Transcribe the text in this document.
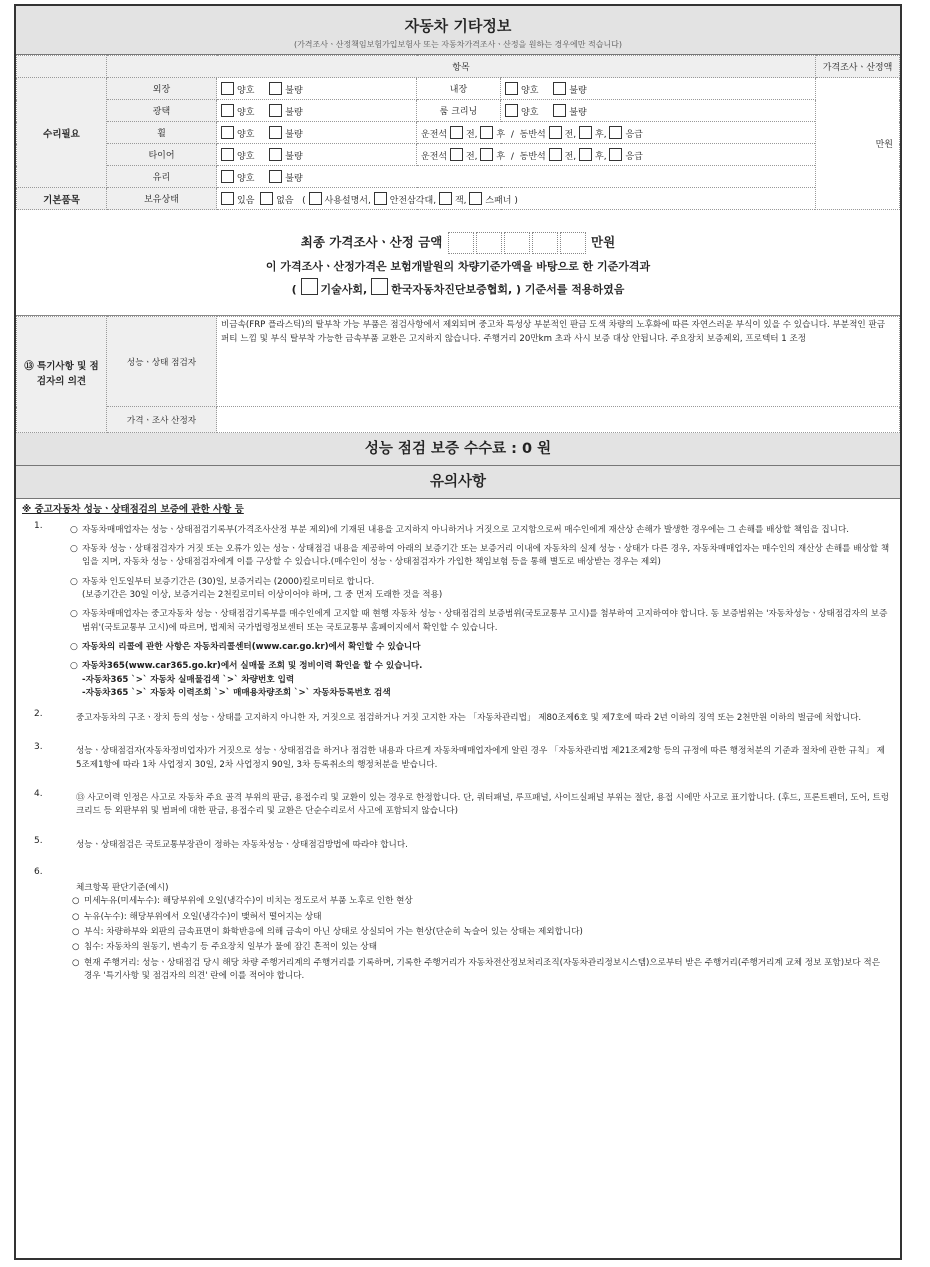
자동차 기타정보
(가격조사ㆍ산정책임보험가입보험사 또는 자동차가격조사ㆍ산정을 원하는 경우에만 적습니다)
	항목				가격조사ㆍ산정액
수리필요	외장	양호 불량	내장	양호 불량	만원
	광택	양호 불량	룸 크리닝	양호 불량	
	휠	양호 불량	운전석 전, 후 / 동반석 전, 후, 응급		
	타이어	양호 불량	운전석 전, 후 / 동반석 전, 후, 응급		
	유리	양호 불량			
기본품목	보유상태	있음 없음 ( 사용설명서, 안전삼각대, 잭, 스패너 )			
최종 가격조사ㆍ산정 금액	만원
이 가격조사ㆍ산정가격은 보험개발원의 차량기준가액을 바탕으로 한 기준가격과
( 기술사회, 한국자동차진단보증협회, ) 기준서를 적용하였음
⑬ 특기사항 및 점검자의 의견	성능ㆍ상태 점검자	비금속(FRP 플라스틱)의 탈부착 가능 부품은 점검사항에서 제외되며 중고차 특성상 부분적인 판금 도색 차량의 노후화에 따른 자연스러운 부식이 있을 수 있습니다. 부분적인 판금 퍼티 느낌 및 부식 탈부착 가능한 금속부품 교환은 고지하지 않습니다. 주행거리 20만km 초과 사시 보증 대상 안됩니다. 주요장치 보증제외, 프로텍터 1 조정
	가격ㆍ조사 산정자	
성능 점검 보증 수수료 : 0 원
유의사항
※ 중고자동차 성능ㆍ상태점검의 보증에 관한 사항 등
1.	○ 자동차매매업자는 성능ㆍ상태점검기록부(가격조사산정 부분 제외)에 기재된 내용을 고지하지 아니하거나 거짓으로 고지함으로써 매수인에게 재산상 손해가 발생한 경우에는 그 손해를 배상할 책임을 집니다.
○ 자동차 성능ㆍ상태점검자가 거짓 또는 오류가 있는 성능ㆍ상태점검 내용을 제공하여 아래의 보증기간 또는 보증거리 이내에 자동차의 실제 성능ㆍ상태가 다른 경우, 자동차매매업자는 매수인의 재산상 손해를 배상할 책임을 지며, 자동차 성능ㆍ상태점검자에게 이를 구상할 수 있습니다.(매수인이 성능ㆍ상태점검자가 가입한 책임보험 등을 통해 별도로 배상받는 경우는 제외)
○ 자동차 인도일부터 보증기간은 (30)일, 보증거리는 (2000)킬로미터로 합니다.
(보증기간은 30일 이상, 보증거리는 2천킬로미터 이상이어야 하며, 그 중 먼저 도래한 것을 적용)
○ 자동차매매업자는 중고자동차 성능ㆍ상태점검기록부를 매수인에게 고지할 때 현행 자동차 성능ㆍ상태점검의 보증범위(국토교통부 고시)를 첨부하여 고지하여야 합니다. 동 보증범위는 '자동차성능ㆍ상태점검자의 보증범위'(국토교통부 고시)에 따르며, 법제처 국가법령정보센터 또는 국토교통부 홈페이지에서 확인할 수 있습니다.
○ 자동차의 리콜에 관한 사항은 자동차리콜센터(www.car.go.kr)에서 확인할 수 있습니다
○ 자동차365(www.car365.go.kr)에서 실매물 조회 및 정비이력 확인을 할 수 있습니다.
-자동차365 `>` 자동차 실매물검색 `>` 차량번호 입력
-자동차365 `>` 자동차 이력조회 `>` 매매용차량조회 `>` 자동차등록번호 검색
2.	중고자동차의 구조ㆍ장치 등의 성능ㆍ상태를 고지하지 아니한 자, 거짓으로 점검하거나 거짓 고지한 자는 「자동차관리법」 제80조제6호 및 제7호에 따라 2년 이하의 징역 또는 2천만원 이하의 벌금에 처합니다.
3.	성능ㆍ상태점검자(자동차정비업자)가 거짓으로 성능ㆍ상태점검을 하거나 점검한 내용과 다르게 자동차매매업자에게 알린 경우 「자동차관리법 제21조제2항 등의 규정에 따른 행정처분의 기준과 절차에 관한 규칙」 제5조제1항에 따라 1차 사업정지 30일, 2차 사업정지 90일, 3차 등록취소의 행정처분을 받습니다.
4.	⑬ 사고이력 인정은 사고로 자동차 주요 골격 부위의 판금, 용접수리 및 교환이 있는 경우로 한정합니다. 단, 쿼터패널, 루프패널, 사이드실패널 부위는 절단, 용접 시에만 사고로 표기합니다. (후드, 프론트펜더, 도어, 트렁크리드 등 외판부위 및 범퍼에 대한 판금, 용접수리 및 교환은 단순수리로서 사고에 포함되지 않습니다)
5.	성능ㆍ상태점검은 국토교통부장관이 정하는 자동차성능ㆍ상태점검방법에 따라야 합니다.
6.
체크항목 판단기준(예시)
○ 미세누유(미세누수): 해당부위에 오일(냉각수)이 비치는 정도로서 부품 노후로 인한 현상
○ 누유(누수): 해당부위에서 오일(냉각수)이 맺혀서 떨어지는 상태
○ 부식: 차량하부와 외판의 금속표면이 화학반응에 의해 금속이 아닌 상태로 상실되어 가는 현상(단순히 녹슬어 있는 상태는 제외합니다)
○ 침수: 자동차의 원동기, 변속기 등 주요장치 일부가 물에 잠긴 흔적이 있는 상태
○ 현재 주행거리: 성능ㆍ상태점검 당시 해당 차량 주행거리계의 주행거리를 기록하며, 기록한 주행거리가 자동차전산정보처리조직(자동차관리정보시스템)으로부터 받은 주행거리(주행거리계 교체 정보 포함)보다 적은 경우 '특기사항 및 점검자의 의견' 란에 이를 적어야 합니다.
